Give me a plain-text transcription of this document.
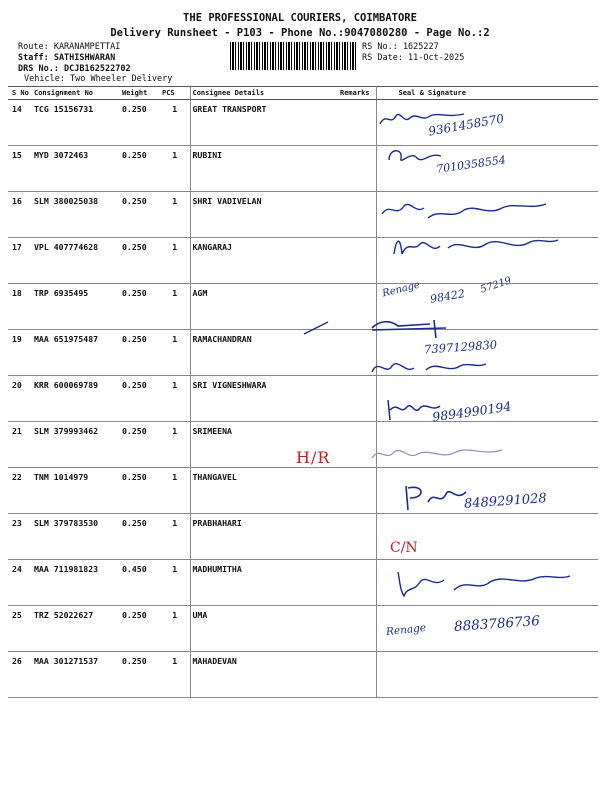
THE PROFESSIONAL COURIERS, COIMBATORE
Delivery Runsheet - P103 - Phone No.:9047080280 - Page No.:2
Route: KARANAMPETTAI
Staff: SATHISHWARAN
DRS No.: DCJB162522702
Vehicle: Two Wheeler Delivery
RS No.: 1625227
RS Date: 11-Oct-2025
S No	Consignment No	Weight	PCS	Consignee Details	Remarks	Seal & Signature
14	TCG 15156731	0.250	1	GREAT TRANSPORT		
15	MYD 3072463	0.250	1	RUBINI		
16	SLM 380025038	0.250	1	SHRI VADIVELAN		
17	VPL 407774628	0.250	1	KANGARAJ		
18	TRP 6935495	0.250	1	AGM		
19	MAA 651975487	0.250	1	RAMACHANDRAN		
20	KRR 600069789	0.250	1	SRI VIGNESHWARA		
21	SLM 379993462	0.250	1	SRIMEENA		
22	TNM 1014979	0.250	1	THANGAVEL		
23	SLM 379783530	0.250	1	PRABHAHARI		
24	MAA 711981823	0.450	1	MADHUMITHA		
25	TRZ 52022627	0.250	1	UMA		
26	MAA 301271537	0.250	1	MAHADEVAN		
9361458570
7010358554
Renage 98422
57219
7397129830
9894990194
H/R
8489291028
C/N
Renage 8883786736
